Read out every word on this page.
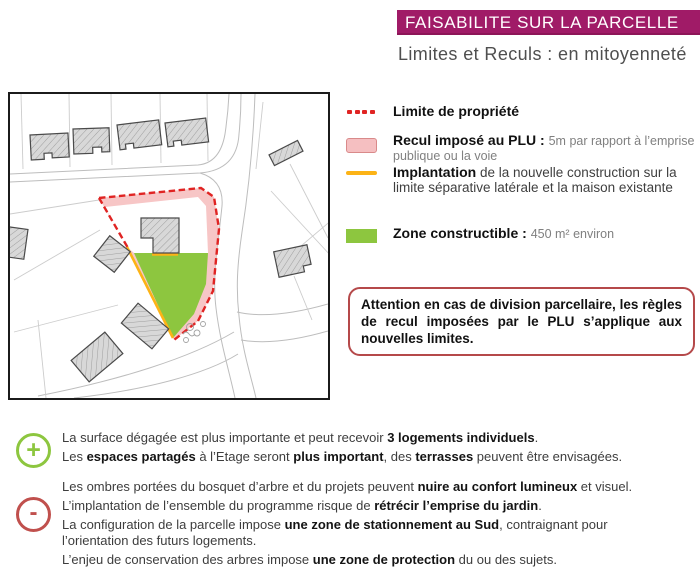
FAISABILITE SUR LA PARCELLE
Limites et Reculs : en mitoyenneté
Limite de propriété
Recul imposé au PLU : 5m par rapport à l’emprise publique ou la voie
Implantation de la nouvelle construction sur la limite séparative latérale et la maison existante
Zone constructible : 450 m² environ
Attention en cas de division parcellaire, les règles de recul imposées par le PLU s’applique aux nouvelles limites.
+	La surface dégagée est plus importante et peut recevoir 3 logements individuels.

Les espaces partagés à l’Etage seront plus important, des terrasses peuvent être envisagées.

-

Les ombres portées du bosquet d’arbre et du projets peuvent nuire au confort lumineux et visuel.

L’implantation de l’ensemble du programme risque de rétrécir l’emprise du jardin.

La configuration de la parcelle impose une zone de stationnement au Sud, contraignant pour l’orientation des futurs logements.

L’enjeu de conservation des arbres impose une zone de protection du ou des sujets.
